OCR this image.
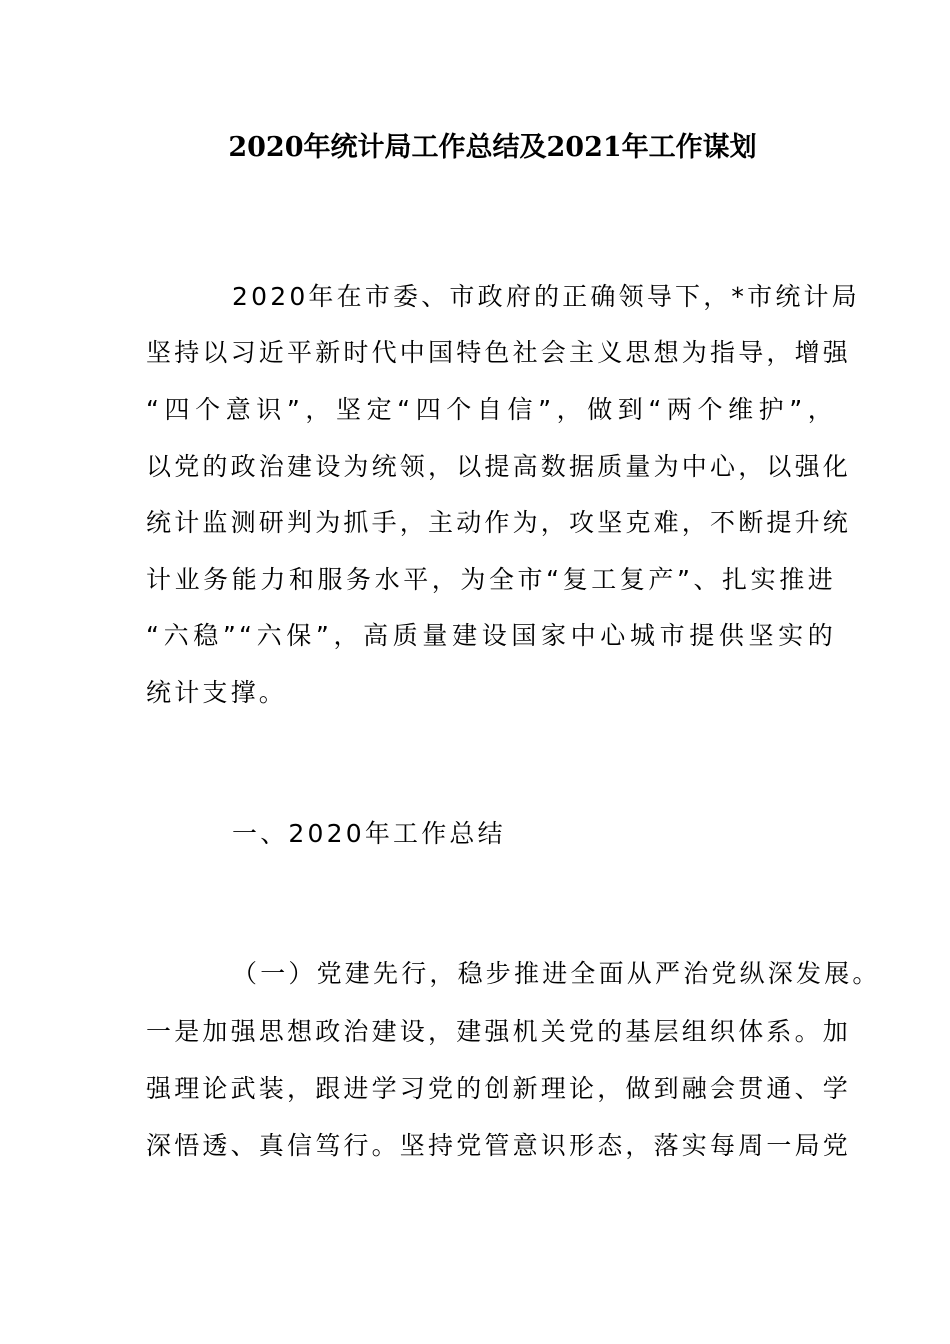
2020年统计局工作总结及2021年工作谋划
2020年在市委、市政府的正确领导下，*市统计局
坚持以习近平新时代中国特色社会主义思想为指导，增强
“四个意识”，坚定“四个自信”，做到“两个维护”，
以党的政治建设为统领，以提高数据质量为中心，以强化
统计监测研判为抓手，主动作为，攻坚克难，不断提升统
计业务能力和服务水平，为全市“复工复产”、扎实推进
“六稳”“六保”，高质量建设国家中心城市提供坚实的
统计支撑。
一、2020年工作总结
（一）党建先行，稳步推进全面从严治党纵深发展。
一是加强思想政治建设，建强机关党的基层组织体系。加
强理论武装，跟进学习党的创新理论，做到融会贯通、学
深悟透、真信笃行。坚持党管意识形态，落实每周一局党
